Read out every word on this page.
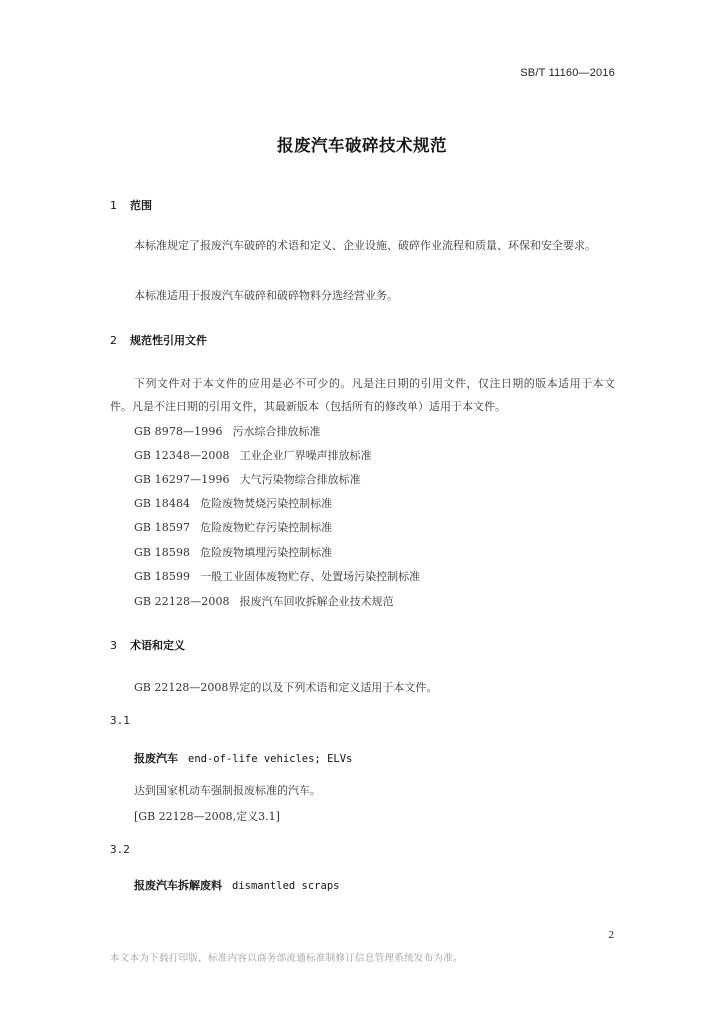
SB/T 11160—2016
报废汽车破碎技术规范
1 范围
本标准规定了报废汽车破碎的术语和定义、企业设施、破碎作业流程和质量、环保和安全要求。
本标准适用于报废汽车破碎和破碎物料分选经营业务。
2 规范性引用文件
下列文件对于本文件的应用是必不可少的。凡是注日期的引用文件，仅注日期的版本适用于本文件。凡是不注日期的引用文件，其最新版本（包括所有的修改单）适用于本文件。
GB 8978—1996 污水综合排放标准
GB 12348—2008 工业企业厂界噪声排放标准
GB 16297—1996 大气污染物综合排放标准
GB 18484 危险废物焚烧污染控制标准
GB 18597 危险废物贮存污染控制标准
GB 18598 危险废物填埋污染控制标准
GB 18599 一般工业固体废物贮存、处置场污染控制标准
GB 22128—2008 报废汽车回收拆解企业技术规范
3 术语和定义
GB 22128—2008界定的以及下列术语和定义适用于本文件。
3.1
报废汽车 end-of-life vehicles; ELVs
达到国家机动车强制报废标准的汽车。
[GB 22128—2008,定义3.1]
3.2
报废汽车拆解废料 dismantled scraps
2
本文本为下载打印版，标准内容以商务部流通标准制修订信息管理系统发布为准。
